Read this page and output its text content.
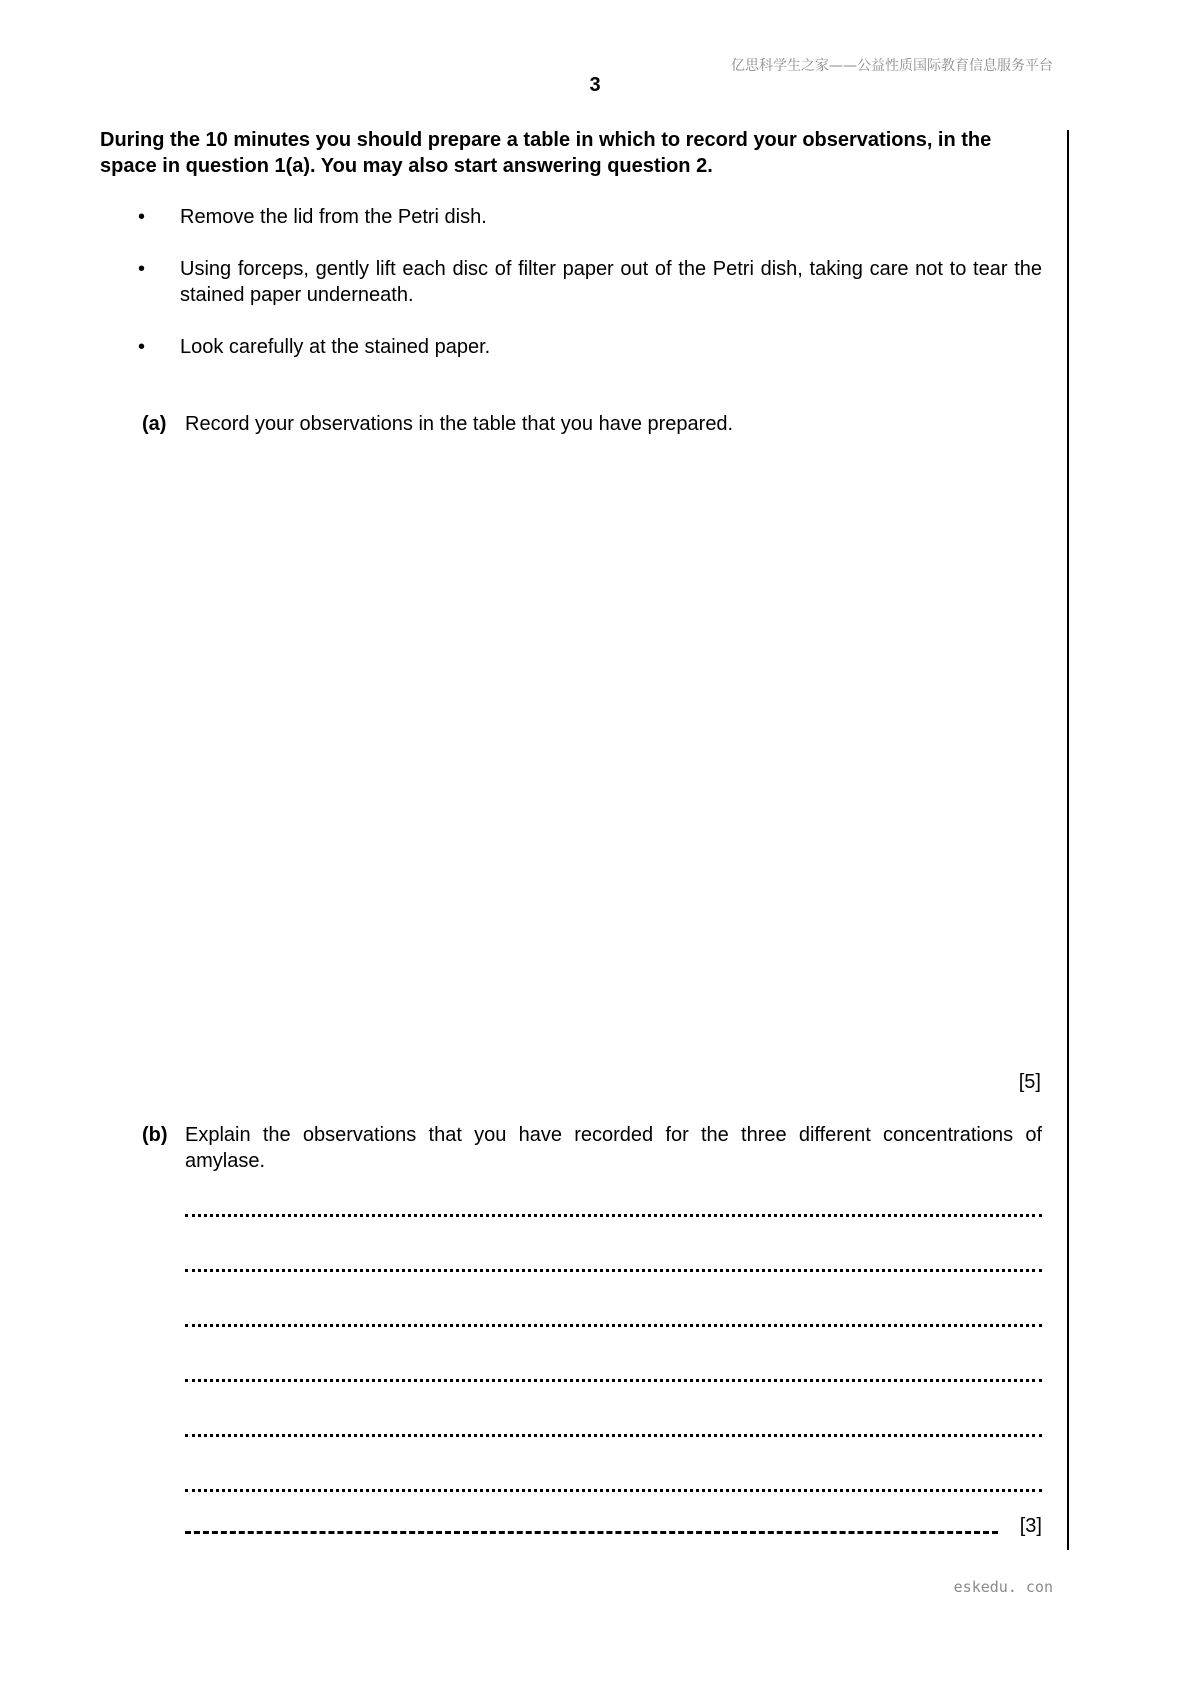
亿思科学生之家——公益性质国际教育信息服务平台
3
During the 10 minutes you should prepare a table in which to record your observations, in the space in question 1(a). You may also start answering question 2.
• Remove the lid from the Petri dish.
• Using forceps, gently lift each disc of filter paper out of the Petri dish, taking care not to tear the stained paper underneath.
• Look carefully at the stained paper.
(a) Record your observations in the table that you have prepared.
[5]
(b) Explain the observations that you have recorded for the three different concentrations of amylase.
[3]
eskedu. con
